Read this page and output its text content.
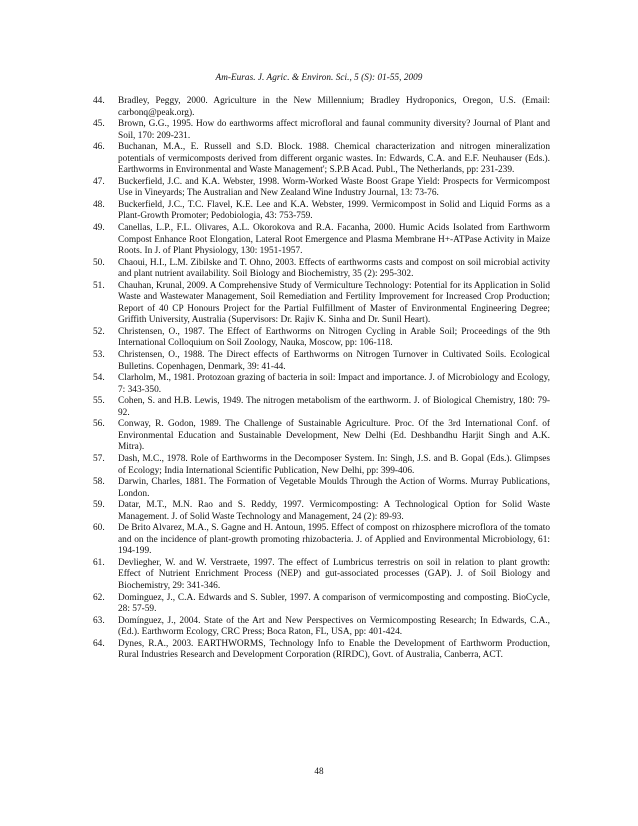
Am-Euras. J. Agric. & Environ. Sci., 5 (S): 01-55, 2009

44. Bradley, Peggy, 2000. Agriculture in the New Millennium; Bradley Hydroponics, Oregon, U.S. (Email: carbonq@peak.org).

45. Brown, G.G., 1995. How do earthworms affect microfloral and faunal community diversity? Journal of Plant and Soil, 170: 209-231.

46. Buchanan, M.A., E. Russell and S.D. Block. 1988. Chemical characterization and nitrogen mineralization potentials of vermicomposts derived from different organic wastes. In: Edwards, C.A. and E.F. Neuhauser (Eds.). Earthworms in Environmental and Waste Management'; S.P.B Acad. Publ., The Netherlands, pp: 231-239.

47. Buckerfield, J.C. and K.A. Webster, 1998. Worm-Worked Waste Boost Grape Yield: Prospects for Vermicompost Use in Vineyards; The Australian and New Zealand Wine Industry Journal, 13: 73-76.

48. Buckerfield, J.C., T.C. Flavel, K.E. Lee and K.A. Webster, 1999. Vermicompost in Solid and Liquid Forms as a Plant-Growth Promoter; Pedobiologia, 43: 753-759.

49. Canellas, L.P., F.L. Olivares, A.L. Okorokova and R.A. Facanha, 2000. Humic Acids Isolated from Earthworm Compost Enhance Root Elongation, Lateral Root Emergence and Plasma Membrane H+-ATPase Activity in Maize Roots. In J. of Plant Physiology, 130: 1951-1957.

50. Chaoui, H.I., L.M. Zibilske and T. Ohno, 2003. Effects of earthworms casts and compost on soil microbial activity and plant nutrient availability. Soil Biology and Biochemistry, 35 (2): 295-302.

51. Chauhan, Krunal, 2009. A Comprehensive Study of Vermiculture Technology: Potential for its Application in Solid Waste and Wastewater Management, Soil Remediation and Fertility Improvement for Increased Crop Production; Report of 40 CP Honours Project for the Partial Fulfillment of Master of Environmental Engineering Degree; Griffith University, Australia (Supervisors: Dr. Rajiv K. Sinha and Dr. Sunil Heart).

52. Christensen, O., 1987. The Effect of Earthworms on Nitrogen Cycling in Arable Soil; Proceedings of the 9th International Colloquium on Soil Zoology, Nauka, Moscow, pp: 106-118.

53. Christensen, O., 1988. The Direct effects of Earthworms on Nitrogen Turnover in Cultivated Soils. Ecological Bulletins. Copenhagen, Denmark, 39: 41-44.

54. Clarholm, M., 1981. Protozoan grazing of bacteria in soil: Impact and importance. J. of Microbiology and Ecology, 7: 343-350.

55. Cohen, S. and H.B. Lewis, 1949. The nitrogen metabolism of the earthworm. J. of Biological Chemistry, 180: 79-92.

56. Conway, R. Godon, 1989. The Challenge of Sustainable Agriculture. Proc. Of the 3rd International Conf. of Environmental Education and Sustainable Development, New Delhi (Ed. Deshbandhu Harjit Singh and A.K. Mitra).

57. Dash, M.C., 1978. Role of Earthworms in the Decomposer System. In: Singh, J.S. and B. Gopal (Eds.). Glimpses of Ecology; India International Scientific Publication, New Delhi, pp: 399-406.

58. Darwin, Charles, 1881. The Formation of Vegetable Moulds Through the Action of Worms. Murray Publications, London.

59. Datar, M.T., M.N. Rao and S. Reddy, 1997. Vermicomposting: A Technological Option for Solid Waste Management. J. of Solid Waste Technology and Management, 24 (2): 89-93.

60. De Brito Alvarez, M.A., S. Gagne and H. Antoun, 1995. Effect of compost on rhizosphere microflora of the tomato and on the incidence of plant-growth promoting rhizobacteria. J. of Applied and Environmental Microbiology, 61: 194-199.

61. Devliegher, W. and W. Verstraete, 1997. The effect of Lumbricus terrestris on soil in relation to plant growth: Effect of Nutrient Enrichment Process (NEP) and gut-associated processes (GAP). J. of Soil Biology and Biochemistry, 29: 341-346.

62. Dominguez, J., C.A. Edwards and S. Subler, 1997. A comparison of vermicomposting and composting. BioCycle, 28: 57-59.

63. Domínguez, J., 2004. State of the Art and New Perspectives on Vermicomposting Research; In Edwards, C.A., (Ed.). Earthworm Ecology, CRC Press; Boca Raton, FL, USA, pp: 401-424.

64. Dynes, R.A., 2003. EARTHWORMS, Technology Info to Enable the Development of Earthworm Production, Rural Industries Research and Development Corporation (RIRDC), Govt. of Australia, Canberra, ACT.

48
